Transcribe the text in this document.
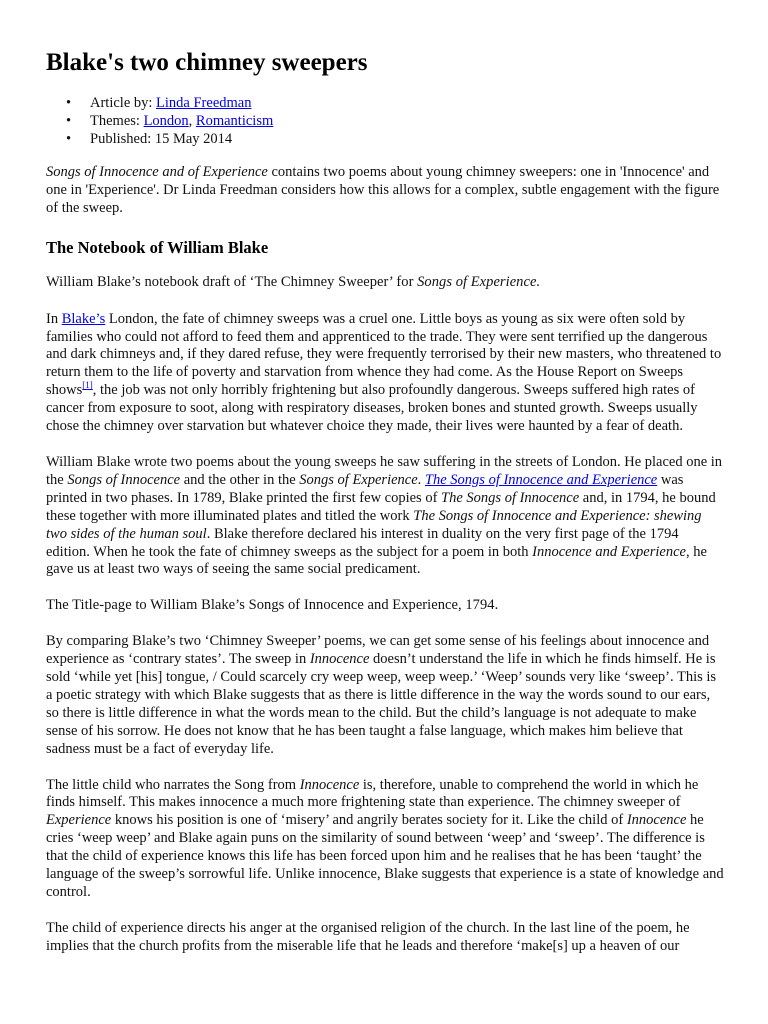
Blake's two chimney sweepers
• Article by: Linda Freedman
• Themes: London, Romanticism
• Published: 15 May 2014

Songs of Innocence and of Experience contains two poems about young chimney sweepers: one in 'Innocence' and one in 'Experience'. Dr Linda Freedman considers how this allows for a complex, subtle engagement with the figure of the sweep.

The Notebook of William Blake

William Blake’s notebook draft of ‘The Chimney Sweeper’ for Songs of Experience.

In Blake’s London, the fate of chimney sweeps was a cruel one. Little boys as young as six were often sold by families who could not afford to feed them and apprenticed to the trade. They were sent terrified up the dangerous and dark chimneys and, if they dared refuse, they were frequently terrorised by their new masters, who threatened to return them to the life of poverty and starvation from whence they had come. As the House Report on Sweeps shows[1], the job was not only horribly frightening but also profoundly dangerous. Sweeps suffered high rates of cancer from exposure to soot, along with respiratory diseases, broken bones and stunted growth. Sweeps usually chose the chimney over starvation but whatever choice they made, their lives were haunted by a fear of death.

William Blake wrote two poems about the young sweeps he saw suffering in the streets of London. He placed one in the Songs of Innocence and the other in the Songs of Experience. The Songs of Innocence and Experience was printed in two phases. In 1789, Blake printed the first few copies of The Songs of Innocence and, in 1794, he bound these together with more illuminated plates and titled the work The Songs of Innocence and Experience: shewing two sides of the human soul. Blake therefore declared his interest in duality on the very first page of the 1794 edition. When he took the fate of chimney sweeps as the subject for a poem in both Innocence and Experience, he gave us at least two ways of seeing the same social predicament.

The Title-page to William Blake’s Songs of Innocence and Experience, 1794.

By comparing Blake’s two ‘Chimney Sweeper’ poems, we can get some sense of his feelings about innocence and experience as ‘contrary states’. The sweep in Innocence doesn’t understand the life in which he finds himself. He is sold ‘while yet [his] tongue, / Could scarcely cry weep weep, weep weep.’ ‘Weep’ sounds very like ‘sweep’. This is a poetic strategy with which Blake suggests that as there is little difference in the way the words sound to our ears, so there is little difference in what the words mean to the child. But the child’s language is not adequate to make sense of his sorrow. He does not know that he has been taught a false language, which makes him believe that sadness must be a fact of everyday life.

The little child who narrates the Song from Innocence is, therefore, unable to comprehend the world in which he finds himself. This makes innocence a much more frightening state than experience. The chimney sweeper of Experience knows his position is one of ‘misery’ and angrily berates society for it. Like the child of Innocence he cries ‘weep weep’ and Blake again puns on the similarity of sound between ‘weep’ and ‘sweep’. The difference is that the child of experience knows this life has been forced upon him and he realises that he has been ‘taught’ the language of the sweep’s sorrowful life. Unlike innocence, Blake suggests that experience is a state of knowledge and control.

The child of experience directs his anger at the organised religion of the church. In the last line of the poem, he implies that the church profits from the miserable life that he leads and therefore ‘make[s] up a heaven of our
